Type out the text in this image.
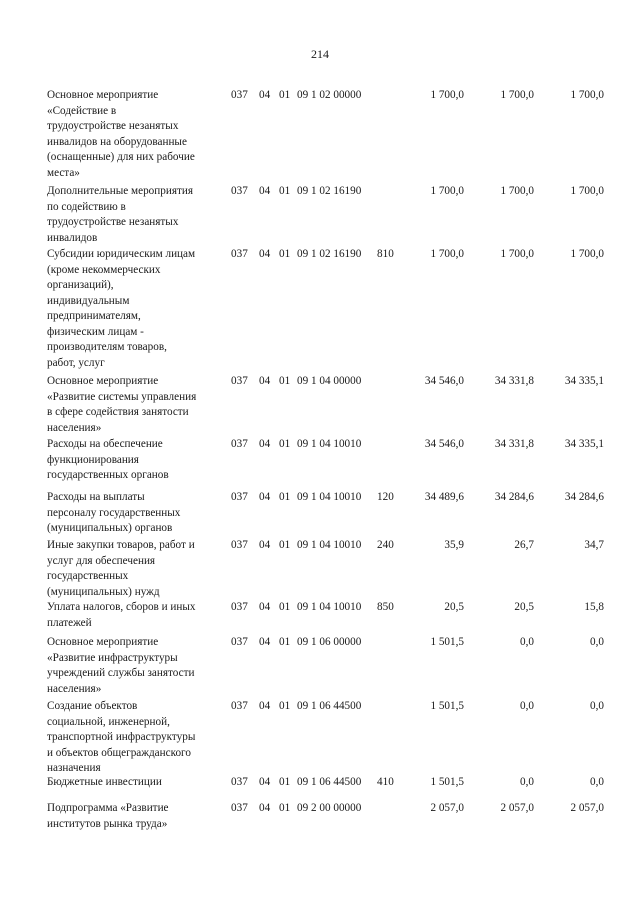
214
Основное мероприятие
«Содействие в
трудоустройстве незанятых
инвалидов на оборудованные
(оснащенные) для них рабочие
места»
037 04 01 09 1 02 00000	1 700,0	1 700,0	1 700,0
Дополнительные мероприятия
по содействию в
трудоустройстве незанятых
инвалидов
037 04 01 09 1 02 16190	1 700,0	1 700,0	1 700,0
Субсидии юридическим лицам
(кроме некоммерческих
организаций),
индивидуальным
предпринимателям,
физическим лицам -
производителям товаров,
работ, услуг
037 04 01 09 1 02 16190 810	1 700,0	1 700,0	1 700,0
Основное мероприятие
«Развитие системы управления
в сфере содействия занятости
населения»
037 04 01 09 1 04 00000	34 546,0	34 331,8	34 335,1
Расходы на обеспечение
функционирования
государственных органов
037 04 01 09 1 04 10010	34 546,0	34 331,8	34 335,1
Расходы на выплаты
персоналу государственных
(муниципальных) органов
037 04 01 09 1 04 10010 120	34 489,6	34 284,6	34 284,6
Иные закупки товаров, работ и
услуг для обеспечения
государственных
(муниципальных) нужд
037 04 01 09 1 04 10010 240	35,9	26,7	34,7
Уплата налогов, сборов и иных
платежей
037 04 01 09 1 04 10010 850	20,5	20,5	15,8
Основное мероприятие
«Развитие инфраструктуры
учреждений службы занятости
населения»
037 04 01 09 1 06 00000	1 501,5	0,0	0,0
Создание объектов
социальной, инженерной,
транспортной инфраструктуры
и объектов общегражданского
назначения
037 04 01 09 1 06 44500	1 501,5	0,0	0,0
Бюджетные инвестиции	037 04 01 09 1 06 44500 410	1 501,5	0,0	0,0
Подпрограмма «Развитие
институтов рынка труда»
037 04 01 09 2 00 00000	2 057,0	2 057,0	2 057,0
